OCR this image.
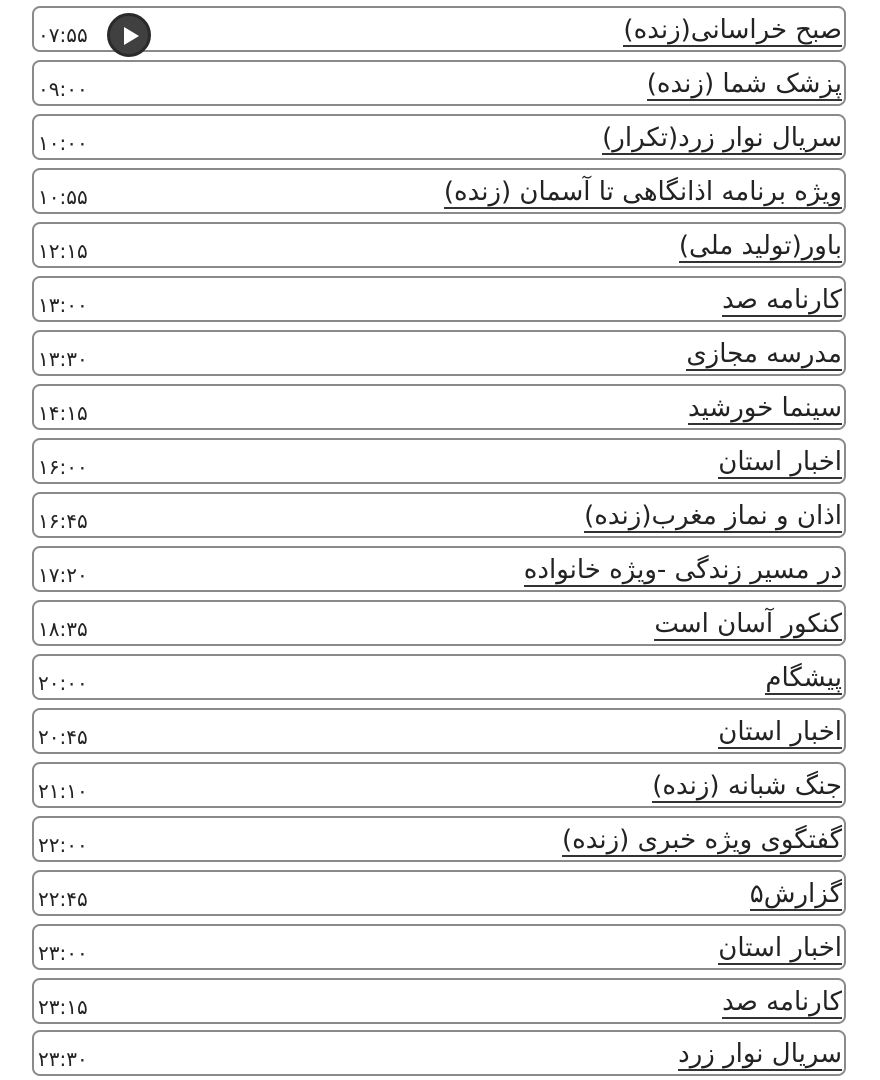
صبح خراسانی(زنده)
۰۷:۵۵
پزشک شما (زنده)
۰۹:۰۰
سریال نوار زرد(تکرار)
۱۰:۰۰
ویژه برنامه اذانگاهی تا آسمان (زنده)
۱۰:۵۵
باور(تولید ملی)
۱۲:۱۵
کارنامه صد
۱۳:۰۰
مدرسه مجازی
۱۳:۳۰
سینما خورشید
۱۴:۱۵
اخبار استان
۱۶:۰۰
اذان و نماز مغرب(زنده)
۱۶:۴۵
در مسیر زندگی -ویژه خانواده
۱۷:۲۰
کنکور آسان است
۱۸:۳۵
پیشگام
۲۰:۰۰
اخبار استان
۲۰:۴۵
جنگ شبانه (زنده)
۲۱:۱۰
گفتگوی ویژه خبری (زنده)
۲۲:۰۰
گزارش۵
۲۲:۴۵
اخبار استان
۲۳:۰۰
کارنامه صد
۲۳:۱۵
سریال نوار زرد
۲۳:۳۰
